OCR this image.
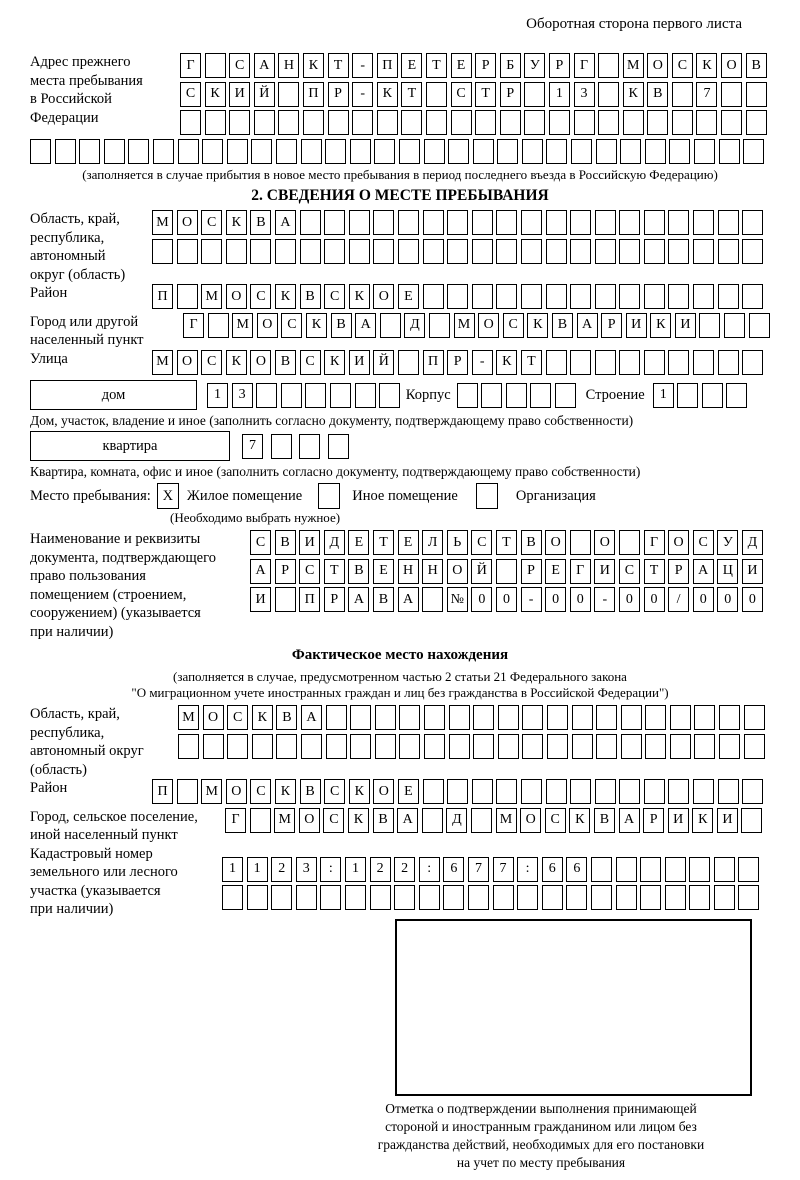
Оборотная сторона первого листа
Адрес прежнего
места пребывания
в Российской
Федерации
Г	С	А	Н	К	Т	-	П	Е	Т	Е	Р	Б	У	Р	Г	М О	С	К	О	В
С	К	И	Й	П	Р	-	К	Т	С	Т	Р	1	3	К	В	7
(заполняется в случае прибытия в новое место пребывания в период последнего въезда в Российскую Федерацию)
2. СВЕДЕНИЯ О МЕСТЕ ПРЕБЫВАНИЯ
Область, край,
республика,
автономный
округ (область)
М О	С	К	В	А
Район	П	М О	С	К	В	С	К	О	Е
Город или другой
населенный пункт
Г	М О	С	К	В	А	Д	М О	С	К	В	А	Р	И	К	И
Улица	М О	С	К	О	В	С	К	И	Й	П	Р	-	К	Т
дом	1	3	Корпус	Строение	1
Дом, участок, владение и иное (заполнить согласно документу, подтверждающему право собственности)
квартира	7
Квартира, комната, офис и иное (заполнить согласно документу, подтверждающему право собственности)
Место пребывания: X Жилое помещение	Иное помещение	Организация
(Необходимо выбрать нужное)
Наименование и реквизиты
документа, подтверждающего
право пользования
помещением (строением,
сооружением) (указывается
при наличии)
С	В	И	Д	Е	Т	Е	Л	Ь	С	Т	В	О	О	Г	О	С	У	Д
А	Р	С	Т	В	Е	Н	Н	О	Й	Р	Е	Г	И	С	Т	Р	А	Ц	И
И	П	Р	А	В	А	№	0	0	-	0	0	-	0	0	/	0	0	0
Фактическое место нахождения
(заполняется в случае, предусмотренном частью 2 статьи 21 Федерального закона
"О миграционном учете иностранных граждан и лиц без гражданства в Российской Федерации")
Область, край,
республика,
автономный округ
(область)
М О	С	К	В	А
Район	П	М О	С	К	В	С	К	О	Е
Город, сельское поселение,
иной населенный пункт
Г	М О	С	К	В	А	Д	М О	С	К	В	А	Р	И	К	И
Кадастровый номер
земельного или лесного
участка (указывается
при наличии)
1	1	2	3	:	1	2	2	:	6	7	7	:	6	6
Отметка о подтверждении выполнения принимающей
стороной и иностранным гражданином или лицом без
гражданства действий, необходимых для его постановки
на учет по месту пребывания
